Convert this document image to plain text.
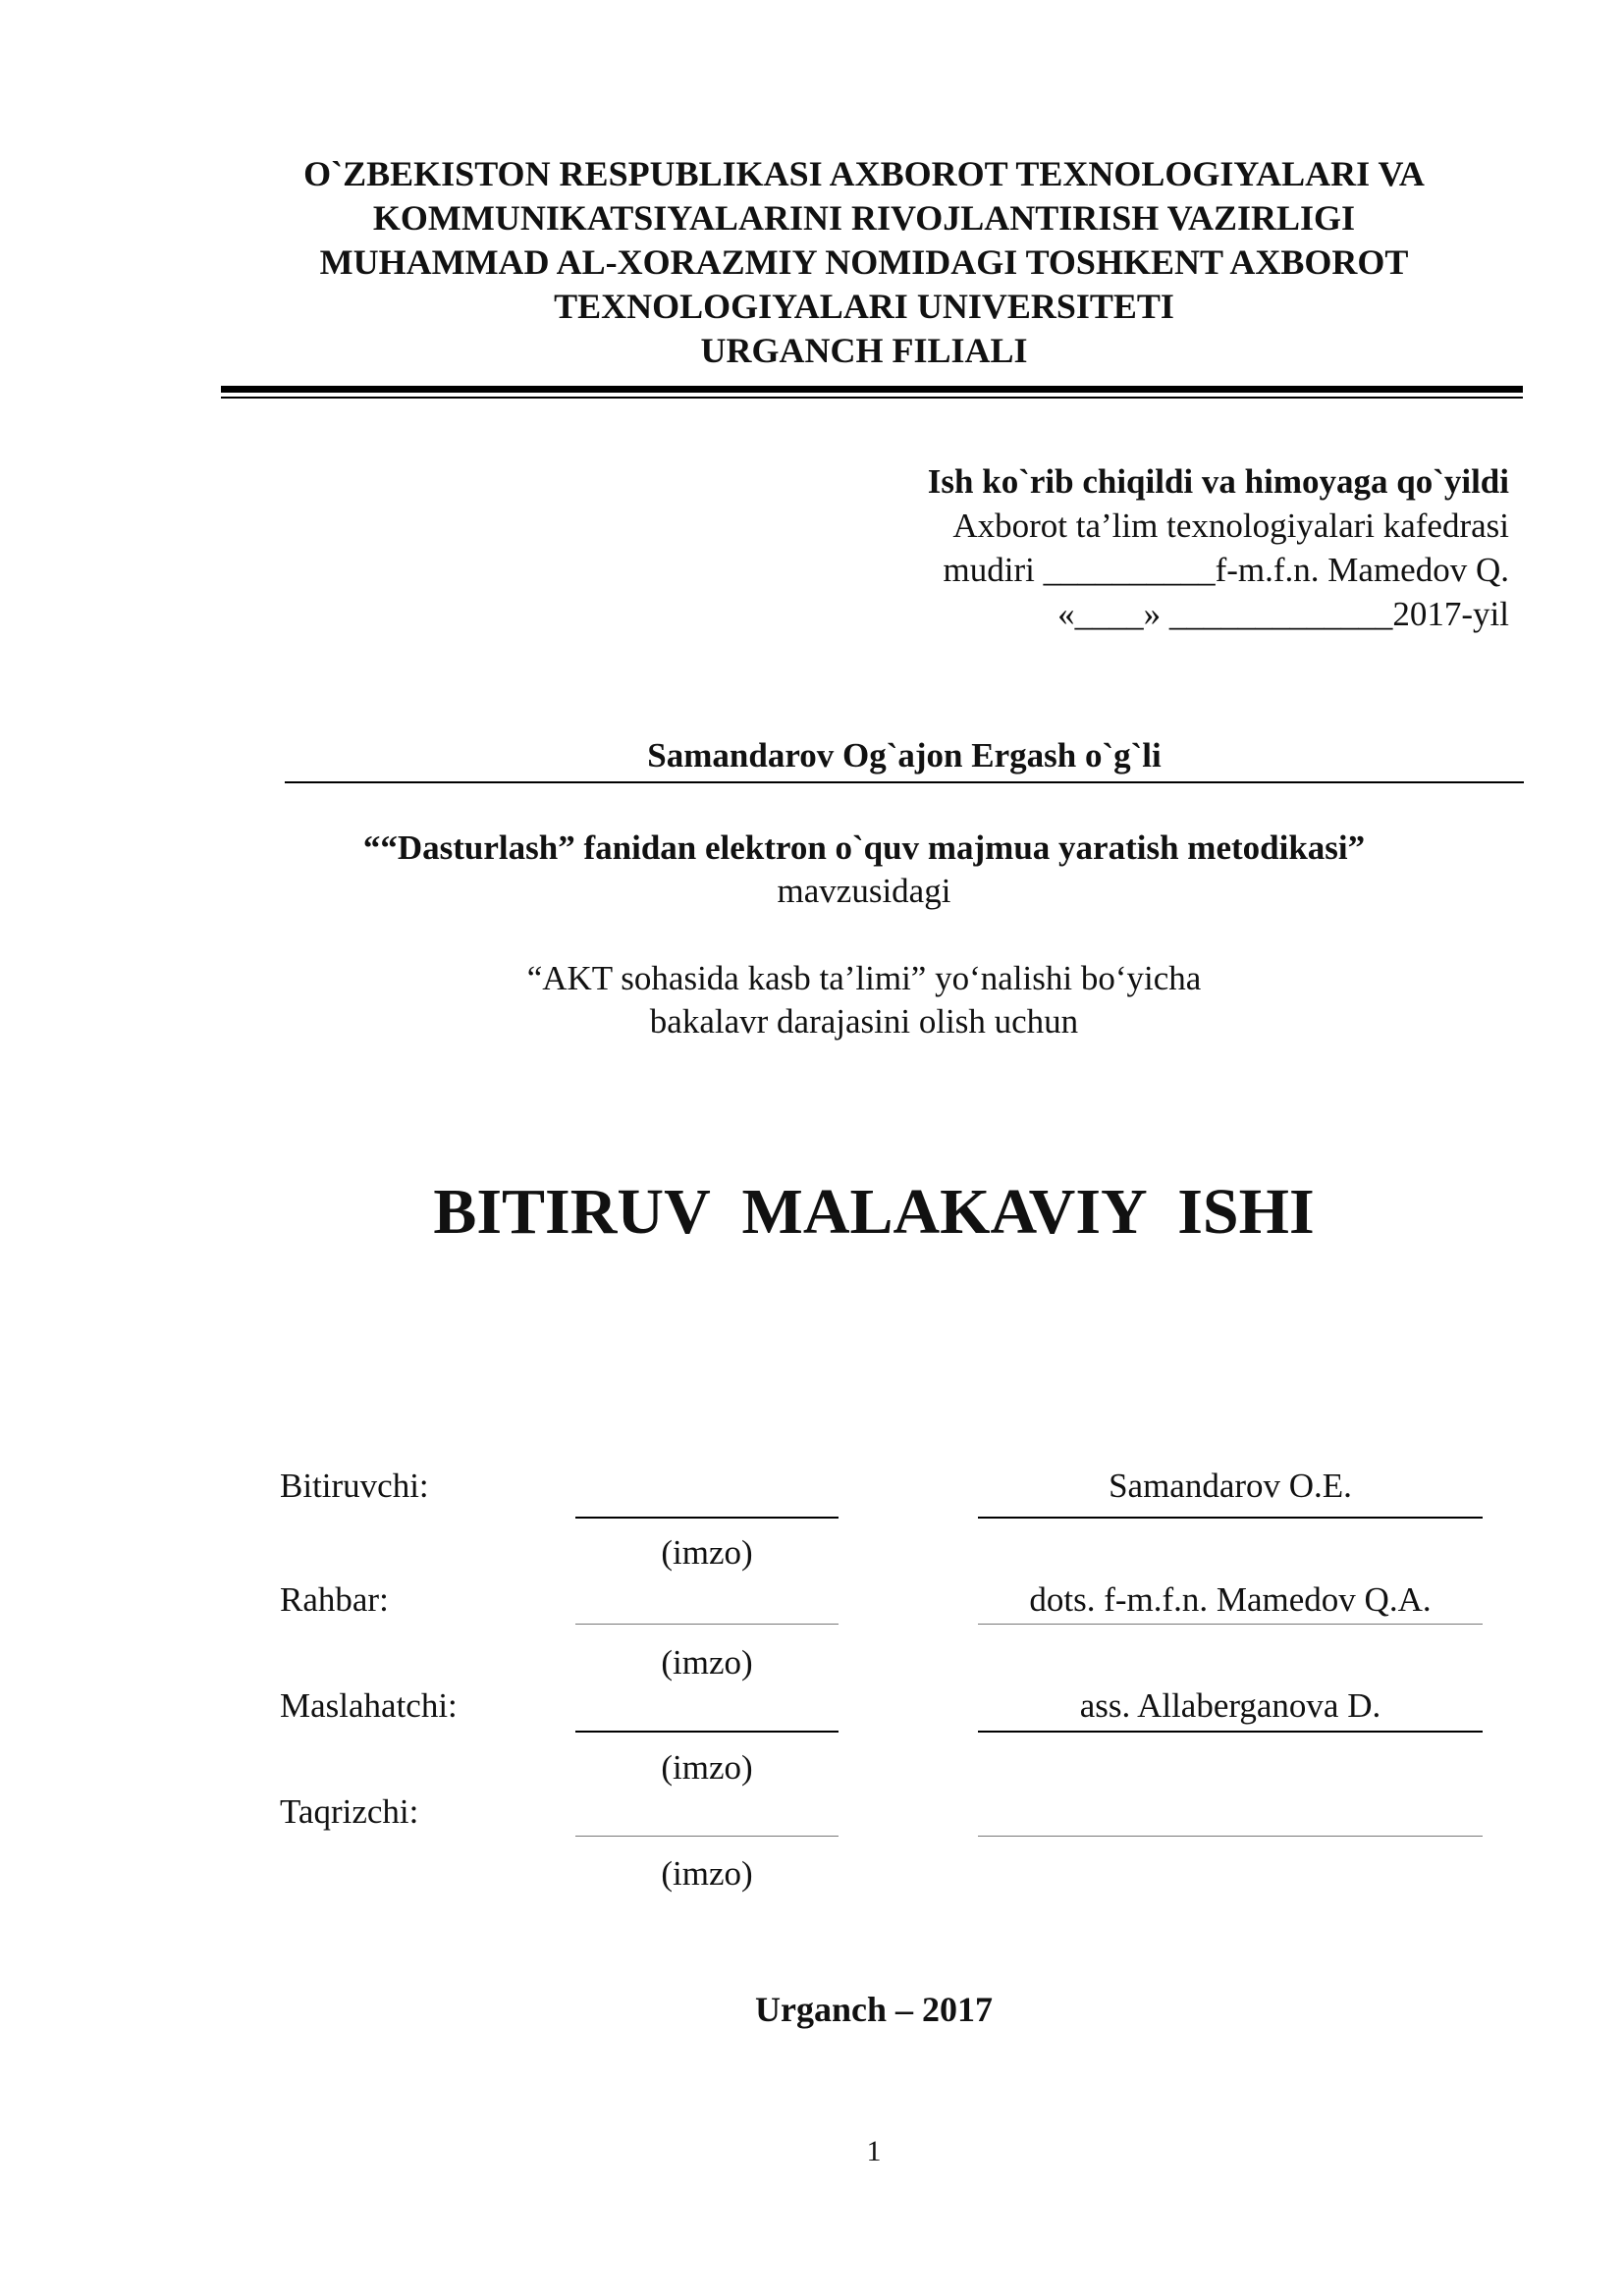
O`ZBEKISTON RESPUBLIKASI AXBOROT TEXNOLOGIYALARI VA
KOMMUNIKATSIYALARINI RIVOJLANTIRISH VAZIRLIGI
MUHAMMAD AL-XORAZMIY NOMIDAGI TOSHKENT AXBOROT
TEXNOLOGIYALARI UNIVERSITETI
URGANCH FILIALI
Ish ko`rib chiqildi va himoyaga qo`yildi
Axborot ta’lim texnologiyalari kafedrasi
mudiri __________f-m.f.n. Mamedov Q.
«____» _____________2017-yil
Samandarov Og`ajon Ergash o`g`li
““Dasturlash” fanidan elektron o`quv majmua yaratish metodikasi”
mavzusidagi
“AKT sohasida kasb ta’limi” yo‘nalishi bo‘yicha
bakalavr darajasini olish uchun
BITIRUV  MALAKAVIY  ISHI
Bitiruvchi:	Samandarov O.E.
(imzo)
Rahbar:	dots. f-m.f.n. Mamedov Q.A.
(imzo)
Maslahatchi:	ass. Allaberganova D.
(imzo)
Taqrizchi:
(imzo)
Urganch – 2017
1
